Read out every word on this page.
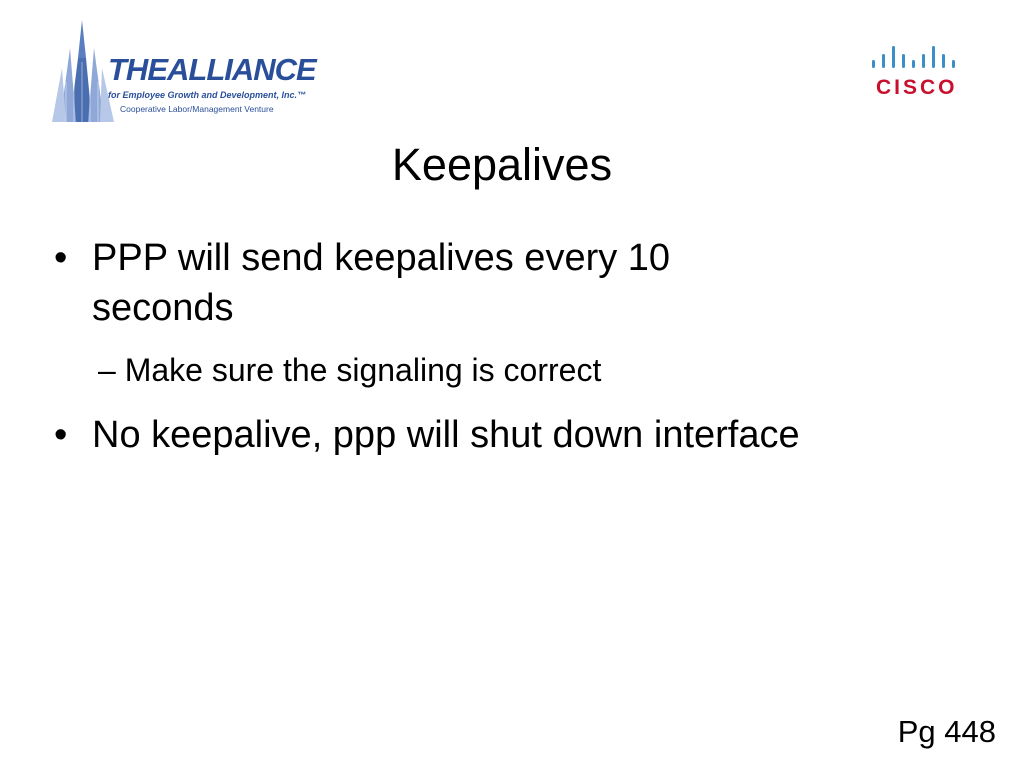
THEALLIANCE
for Employee Growth and Development, Inc.™
Cooperative Labor/Management Venture
CISCO
Keepalives
• PPP will send keepalives every 10 seconds
– Make sure the signaling is correct
• No keepalive, ppp will shut down interface
Pg 448
